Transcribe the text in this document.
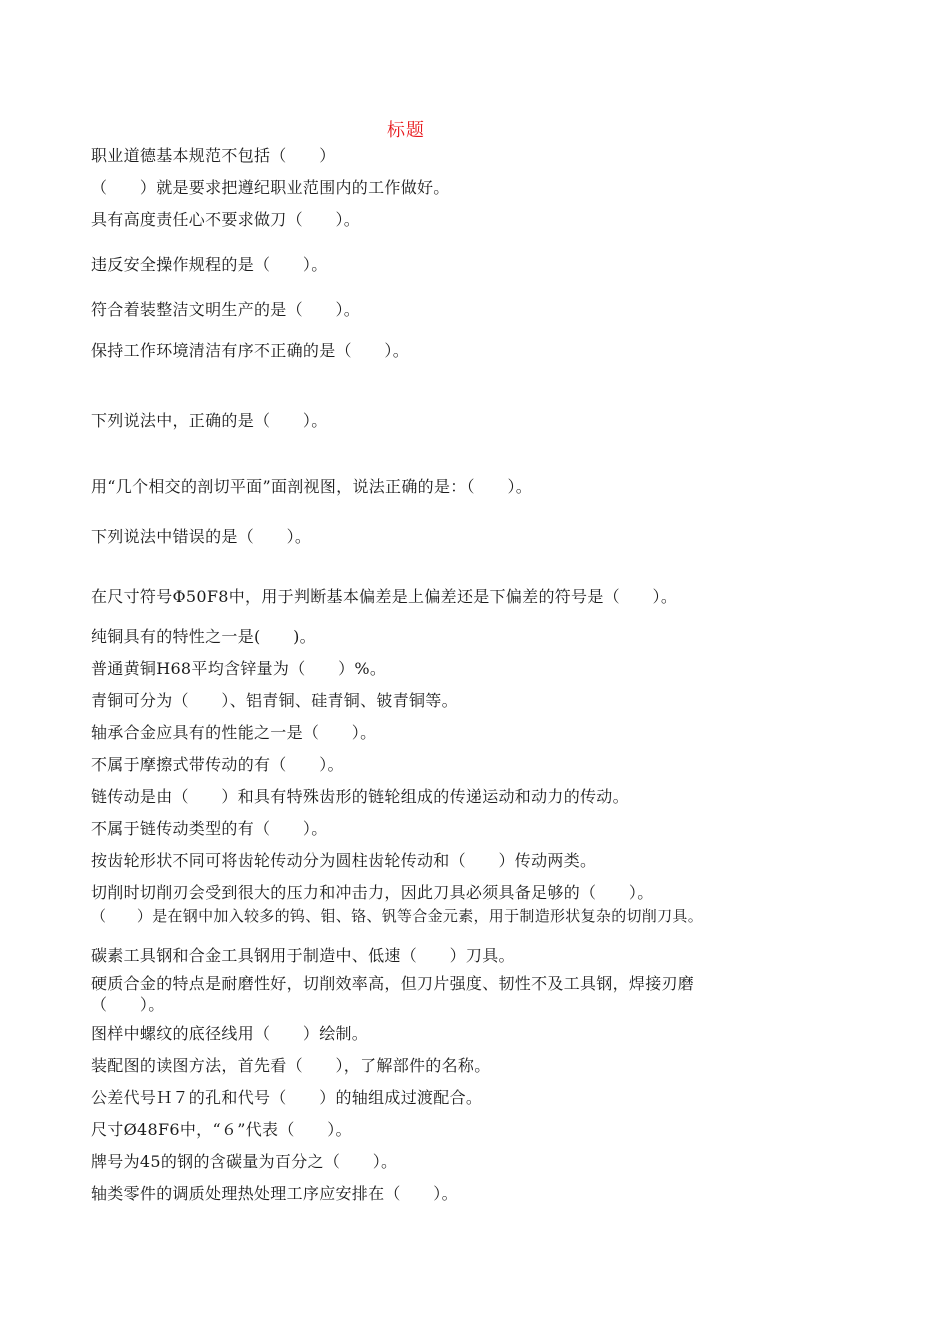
标题
职业道德基本规范不包括（　　）
（　　）就是要求把遵纪职业范围内的工作做好。
具有高度责任心不要求做刀（　　）。
违反安全操作规程的是（　　）。
符合着装整洁文明生产的是（　　）。
保持工作环境清洁有序不正确的是（　　）。
下列说法中，正确的是（　　）。
用“几个相交的剖切平面”面剖视图，说法正确的是：（　　）。
下列说法中错误的是（　　）。
在尺寸符号Φ50F8中，用于判断基本偏差是上偏差还是下偏差的符号是（　　）。
纯铜具有的特性之一是(　　)。
普通黄铜H68平均含锌量为（　　）%。
青铜可分为（　　）、铝青铜、硅青铜、铍青铜等。
轴承合金应具有的性能之一是（　　）。
不属于摩擦式带传动的有（　　）。
链传动是由（　　）和具有特殊齿形的链轮组成的传递运动和动力的传动。
不属于链传动类型的有（　　）。
按齿轮形状不同可将齿轮传动分为圆柱齿轮传动和（　　）传动两类。
切削时切削刃会受到很大的压力和冲击力，因此刀具必须具备足够的（　　）。
（　　）是在钢中加入较多的钨、钼、铬、钒等合金元素，用于制造形状复杂的切削刀具。
碳素工具钢和合金工具钢用于制造中、低速（　　）刀具。
硬质合金的特点是耐磨性好，切削效率高，但刀片强度、韧性不及工具钢，焊接刃磨（　　）。
图样中螺纹的底径线用（　　）绘制。
装配图的读图方法，首先看（　　），了解部件的名称。
公差代号Ｈ７的孔和代号（　　）的轴组成过渡配合。
尺寸Ø48F6中，“６”代表（　　）。
牌号为45的钢的含碳量为百分之（　　）。
轴类零件的调质处理热处理工序应安排在（　　）。
